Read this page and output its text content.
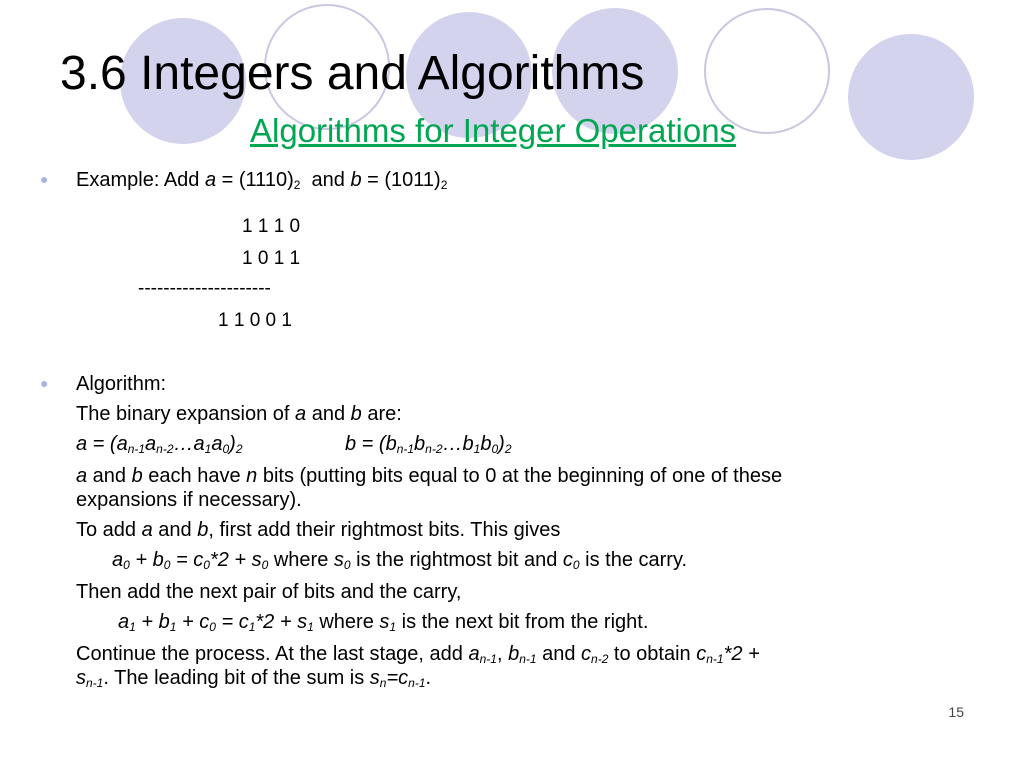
3.6 Integers and Algorithms
Algorithms for Integer Operations
● Example: Add $a = (1110)_2$  and $b = (1011)_2$
1 1 1 0
1 0 1 1
---------------------
1 1 0 0 1
● Algorithm:
The binary expansion of a and b are:
$a = (a_{n-1}a_{n-2}\dots a_1a_0)_2$	$b = (b_{n-1}b_{n-2}\dots b_1b_0)_2$
a and b each have n bits (putting bits equal to 0 at the beginning of one of these
expansions if necessary).
To add a and b, first add their rightmost bits. This gives
$a_0 + b_0 = c_0*2 + s_0$ where $s_0$ is the rightmost bit and $c_0$ is the carry.
Then add the next pair of bits and the carry,
$a_1 + b_1 + c_0 = c_1*2 + s_1$ where $s_1$ is the next bit from the right.
Continue the process. At the last stage, add $a_{n-1}$, $b_{n-1}$ and $c_{n-2}$ to obtain $c_{n-1}*2$ +
$s_{n-1}$. The leading bit of the sum is $s_n=c_{n-1}$.
15
